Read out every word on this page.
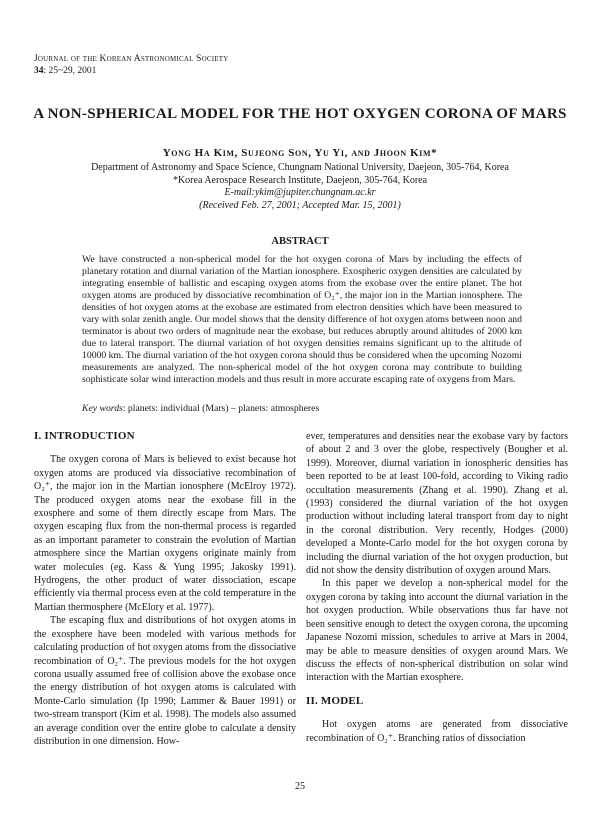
Journal of the Korean Astronomical Society
34: 25~29, 2001
A NON-SPHERICAL MODEL FOR THE HOT OXYGEN CORONA OF MARS
Yong Ha Kim, Sujeong Son, Yu Yi, and Jhoon Kim*
Department of Astronomy and Space Science, Chungnam National University, Daejeon, 305-764, Korea
*Korea Aerospace Research Institute, Daejeon, 305-764, Korea
E-mail:ykim@jupiter.chungnam.ac.kr
(Received Feb. 27, 2001; Accepted Mar. 15, 2001)
ABSTRACT
We have constructed a non-spherical model for the hot oxygen corona of Mars by including the effects of planetary rotation and diurnal variation of the Martian ionosphere. Exospheric oxygen densities are calculated by integrating ensemble of ballistic and escaping oxygen atoms from the exobase over the entire planet. The hot oxygen atoms are produced by dissociative recombination of O₂⁺, the major ion in the Martian ionosphere. The densities of hot oxygen atoms at the exobase are estimated from electron densities which have been measured to vary with solar zenith angle. Our model shows that the density difference of hot oxygen atoms between noon and terminator is about two orders of magnitude near the exobase, but reduces abruptly around altitudes of 2000 km due to lateral transport. The diurnal variation of hot oxygen densities remains significant up to the altitude of 10000 km. The diurnal variation of the hot oxygen corona should thus be considered when the upcoming Nozomi measurements are analyzed. The non-spherical model of the hot oxygen corona may contribute to building sophisticate solar wind interaction models and thus result in more accurate escaping rate of oxygens from Mars.
Key words: planets: individual (Mars) – planets: atmospheres
I. INTRODUCTION

The oxygen corona of Mars is believed to exist because hot oxygen atoms are produced via dissociative recombination of O₂⁺, the major ion in the Martian ionosphere (McElroy 1972). The produced oxygen atoms near the exobase fill in the exosphere and some of them directly escape from Mars. The oxygen escaping flux from the non-thermal process is regarded as an important parameter to constrain the evolution of Martian atmosphere since the Martian oxygens originate mainly from water molecules (eg. Kass & Yung 1995; Jakosky 1991). Hydrogens, the other product of water dissociation, escape efficiently via thermal process even at the cold temperature in the Martian thermosphere (McElory et al. 1977).

The escaping flux and distributions of hot oxygen atoms in the exosphere have been modeled with various methods for calculating production of hot oxygen atoms from the dissociative recombination of O₂⁺. The previous models for the hot oxygen corona usually assumed free of collision above the exobase once the energy distribution of hot oxygen atoms is calculated with Monte-Carlo simulation (Ip 1990; Lammer & Bauer 1991) or two-stream transport (Kim et al. 1998). The models also assumed an average condition over the entire globe to calculate a density distribution in one dimension. How-

ever, temperatures and densities near the exobase vary by factors of about 2 and 3 over the globe, respectively (Bougher et al. 1999). Moreover, diurnal variation in ionospheric densities has been reported to be at least 100-fold, according to Viking radio occultation measurements (Zhang et al. 1990). Zhang et al. (1993) considered the diurnal variation of the hot oxygen production without including lateral transport from day to night in the coronal distribution. Very recently, Hodges (2000) developed a Monte-Carlo model for the hot oxygen corona by including the diurnal variation of the hot oxygen production, but did not show the density distribution of oxygen around Mars.

In this paper we develop a non-spherical model for the oxygen corona by taking into account the diurnal variation in the hot oxygen production. While observations thus far have not been sensitive enough to detect the oxygen corona, the upcoming Japanese Nozomi mission, schedules to arrive at Mars in 2004, may be able to measure densities of oxygen around Mars. We discuss the effects of non-spherical distribution on solar wind interaction with the Martian exosphere.

II. MODEL

Hot oxygen atoms are generated from dissociative recombination of O₂⁺. Branching ratios of dissociation

25
